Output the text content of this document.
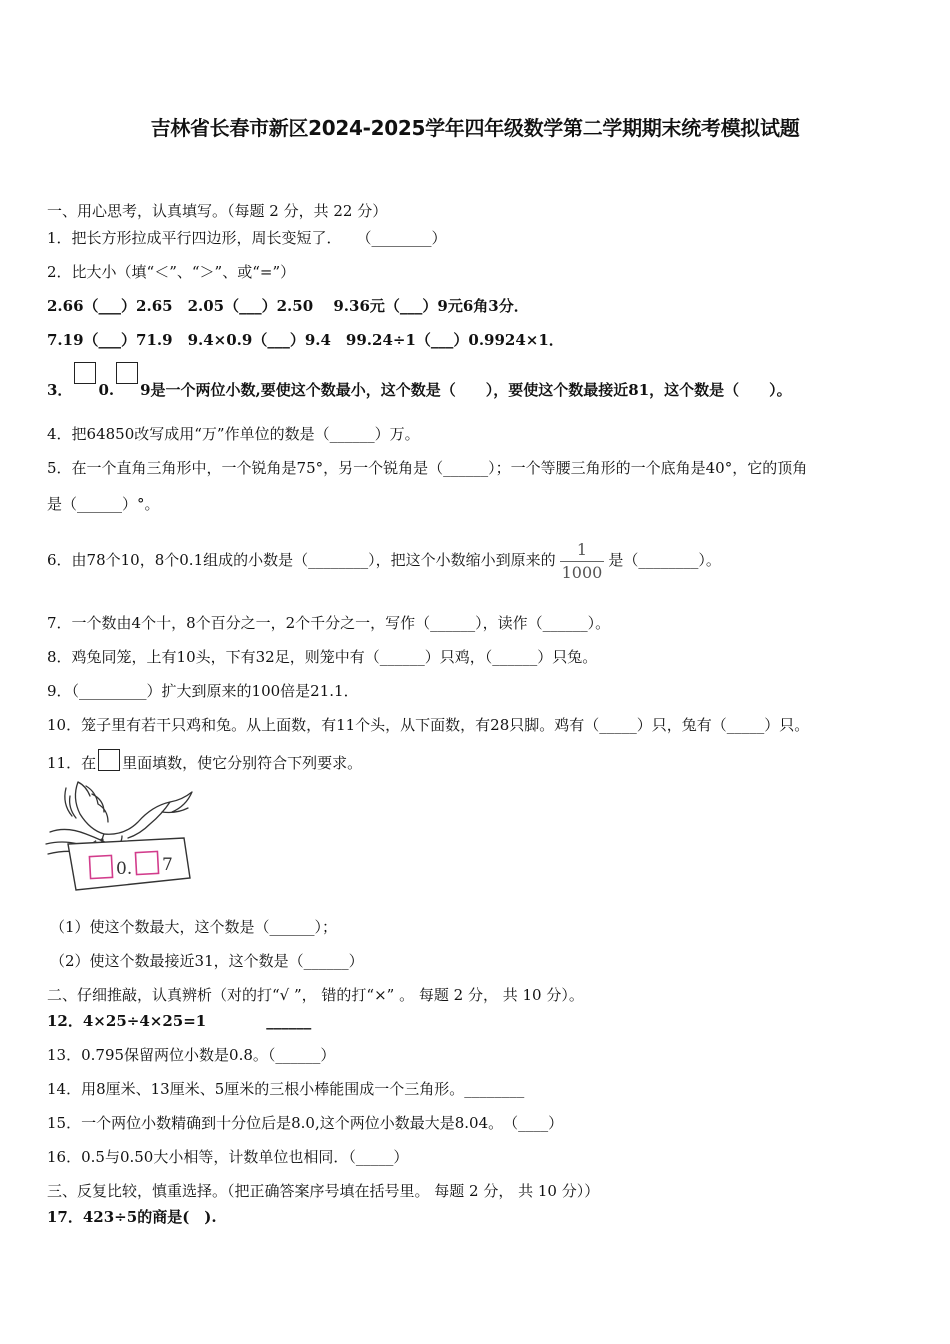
吉林省长春市新区2024-2025学年四年级数学第二学期期末统考模拟试题
一、用心思考，认真填写。（每题 2 分，共 22 分）
1．把长方形拉成平行四边形，周长变短了．　　（________）
2．比大小（填“＜”、“＞”、或“=”）
2.66（___）2.65　2.05（___）2.50　 9.36元（___）9元6角3分．
7.19（___）71.9　9.4×0.9（___）9.4　99.24÷1（___）0.9924×1．
3． 0. 9是一个两位小数,要使这个数最小，这个数是（　　），要使这个数最接近81，这个数是（　　）。
4．把64850改写成用“万”作单位的数是（______）万。
5．在一个直角三角形中，一个锐角是75°，另一个锐角是（______）；一个等腰三角形的一个底角是40°，它的顶角
是（______）°。
6．由78个10，8个0.1组成的小数是（________），把这个小数缩小到原来的 $\frac{1}{1000}$ 是（________）。
7．一个数由4个十，8个百分之一，2个千分之一，写作（______），读作（______）。
8．鸡兔同笼，上有10头，下有32足，则笼中有（______）只鸡，（______）只兔。
9．（_________）扩大到原来的100倍是21.1．
10．笼子里有若干只鸡和兔。从上面数，有11个头，从下面数，有28只脚。鸡有（_____）只，兔有（_____）只。
11．在 里面填数，使它分别符合下列要求。
0. 7
（1）使这个数最大，这个数是（______）；
（2）使这个数最接近31，这个数是（______）
二、仔细推敲，认真辨析（对的打“√ ”， 错的打“×” 。 每题 2 分， 共 10 分）。
12．4×25÷4×25=1　　　　______
13．0.795保留两位小数是0.8。（______）
14．用8厘米、13厘米、5厘米的三根小棒能围成一个三角形。________
15．一个两位小数精确到十分位后是8.0,这个两位小数最大是8.04。　（____）
16．0.5与0.50大小相等，计数单位也相同．（_____）
三、反复比较，慎重选择。（把正确答案序号填在括号里。 每题 2 分， 共 10 分））
17．423÷5的商是(　).
